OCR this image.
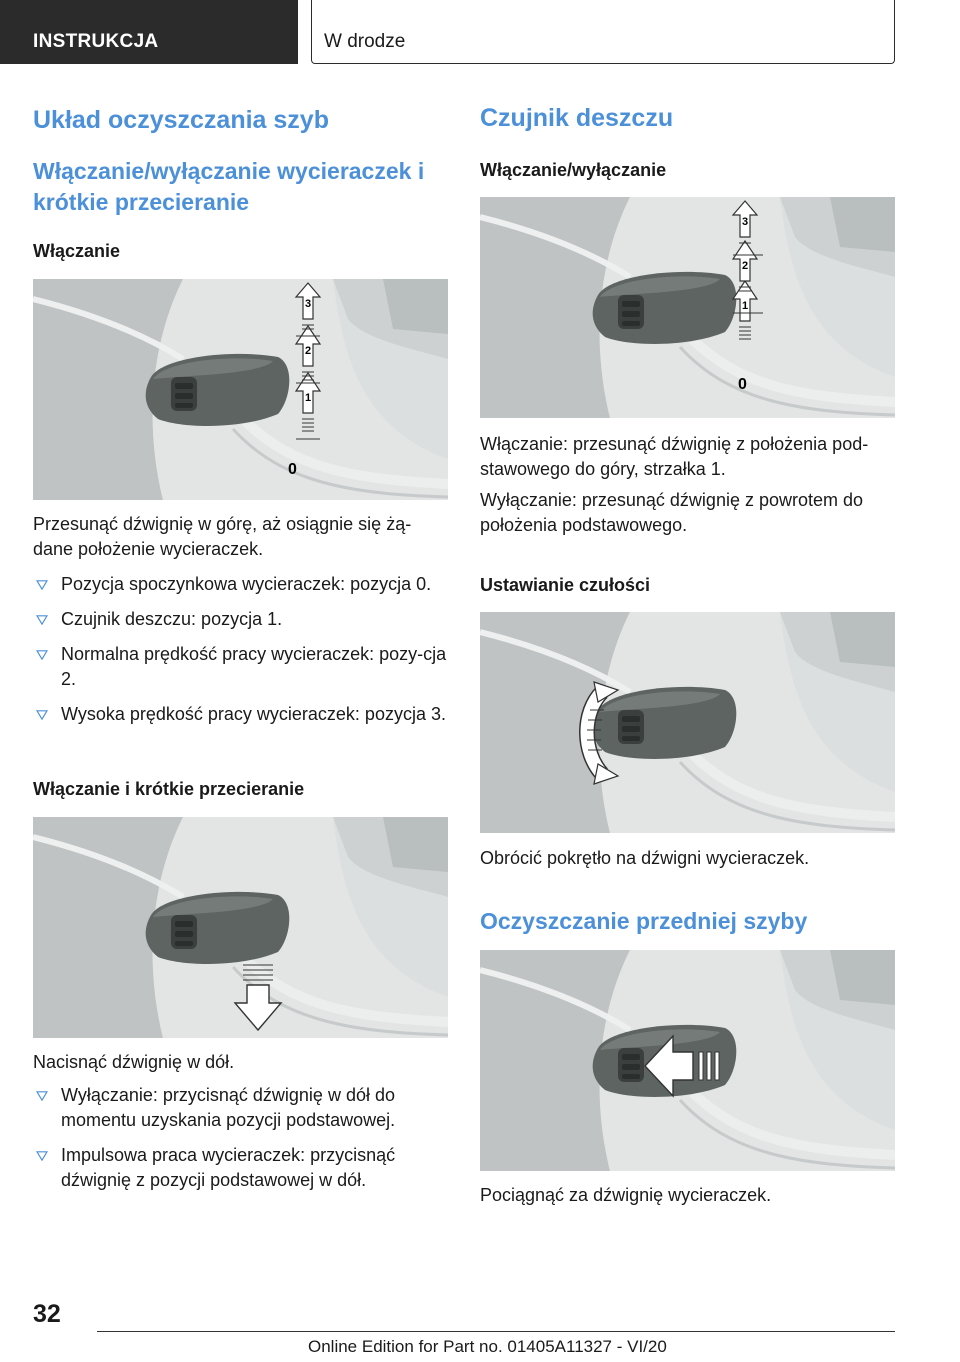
INSTRUKCJA	W drodze
Układ oczyszczania szyb
Włączanie/wyłączanie wycieraczek i krótkie przecieranie
Włączanie
1
2
3
0

Przesunąć dźwignię w górę, aż osiągnie się żą-dane położenie wycieraczek.

Pozycja spoczynkowa wycieraczek: pozycja 0.
Czujnik deszczu: pozycja 1.
Normalna prędkość pracy wycieraczek: pozy-cja 2.
Wysoka prędkość pracy wycieraczek: pozycja 3.
Włączanie i krótkie przecieranie

Nacisnąć dźwignię w dół.

Wyłączanie: przycisnąć dźwignię w dół do momentu uzyskania pozycji podstawowej.
Impulsowa praca wycieraczek: przycisnąć dźwignię z pozycji podstawowej w dół.
Czujnik deszczu
Włączanie/wyłączanie
1
2
3
0

Włączanie: przesunąć dźwignię z położenia pod-stawowego do góry, strzałka 1.

Wyłączanie: przesunąć dźwignię z powrotem do położenia podstawowego.

Ustawianie czułości

Obrócić pokrętło na dźwigni wycieraczek.

Oczyszczanie przedniej szyby

Pociągnąć za dźwignię wycieraczek.

32
Online Edition for Part no. 01405A11327 - VI/20
